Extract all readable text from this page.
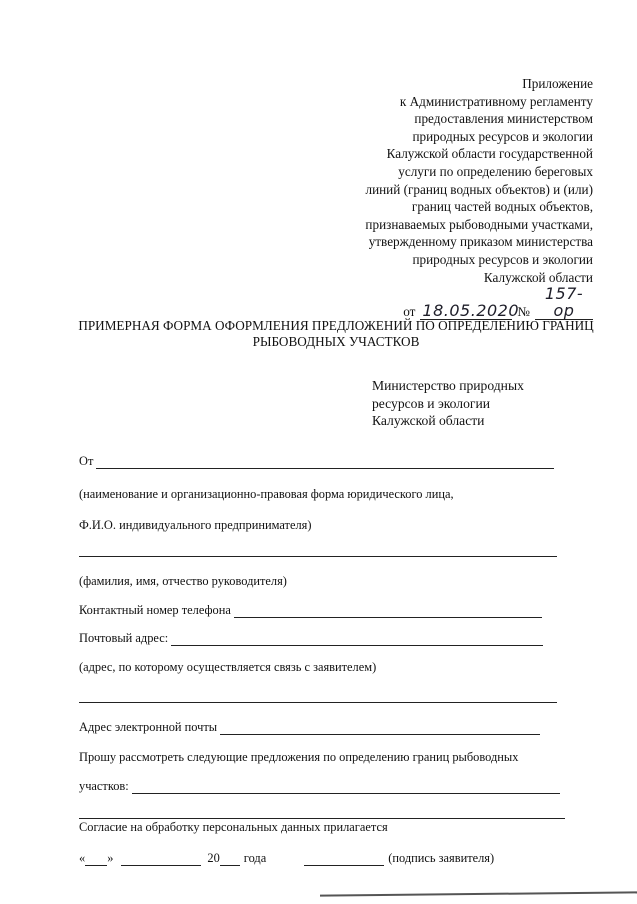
Приложение
к Административному регламенту
предоставления министерством
природных ресурсов и экологии
Калужской области государственной
услуги по определению береговых
линий (границ водных объектов) и (или)
границ частей водных объектов,
признаваемых рыбоводными участками,
утвержденному приказом министерства
природных ресурсов и экологии
Калужской области
от 18.05.2020
№
157-ор
ПРИМЕРНАЯ ФОРМА ОФОРМЛЕНИЯ ПРЕДЛОЖЕНИЙ ПО ОПРЕДЕЛЕНИЮ ГРАНИЦ
РЫБОВОДНЫХ УЧАСТКОВ
Министерство природных
ресурсов и экологии
Калужской области
От
(наименование и организационно-правовая форма юридического лица,
Ф.И.О. индивидуального предпринимателя)
(фамилия, имя, отчество руководителя)
Контактный номер телефона
Почтовый адрес:
(адрес, по которому осуществляется связь с заявителем)
Адрес электронной почты
Прошу рассмотреть следующие предложения по определению границ рыбоводных
участков:
Согласие на обработку персональных данных прилагается
« »	20 года	(подпись заявителя)
